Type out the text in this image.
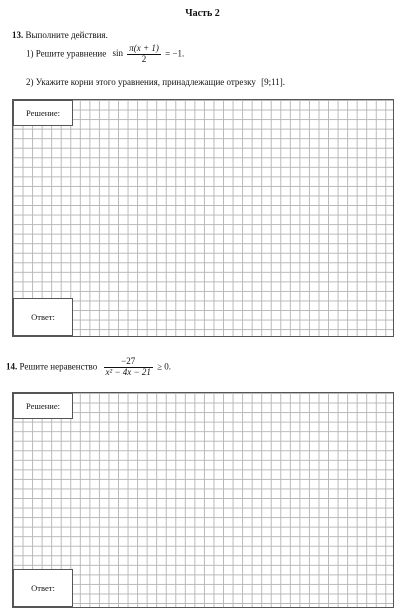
Часть 2
13. Выполните действия.
1) Решите уравнение $\sin \frac{\pi(x + 1)}{2} = -1$.
2) Укажите корни этого уравнения, принадлежащие отрезку [9;11].
Решение:
Ответ:
14. Решите неравенство $\frac{-27}{\text{x² − 4x − 21}} \ge 0$.
Решение:
Ответ:
